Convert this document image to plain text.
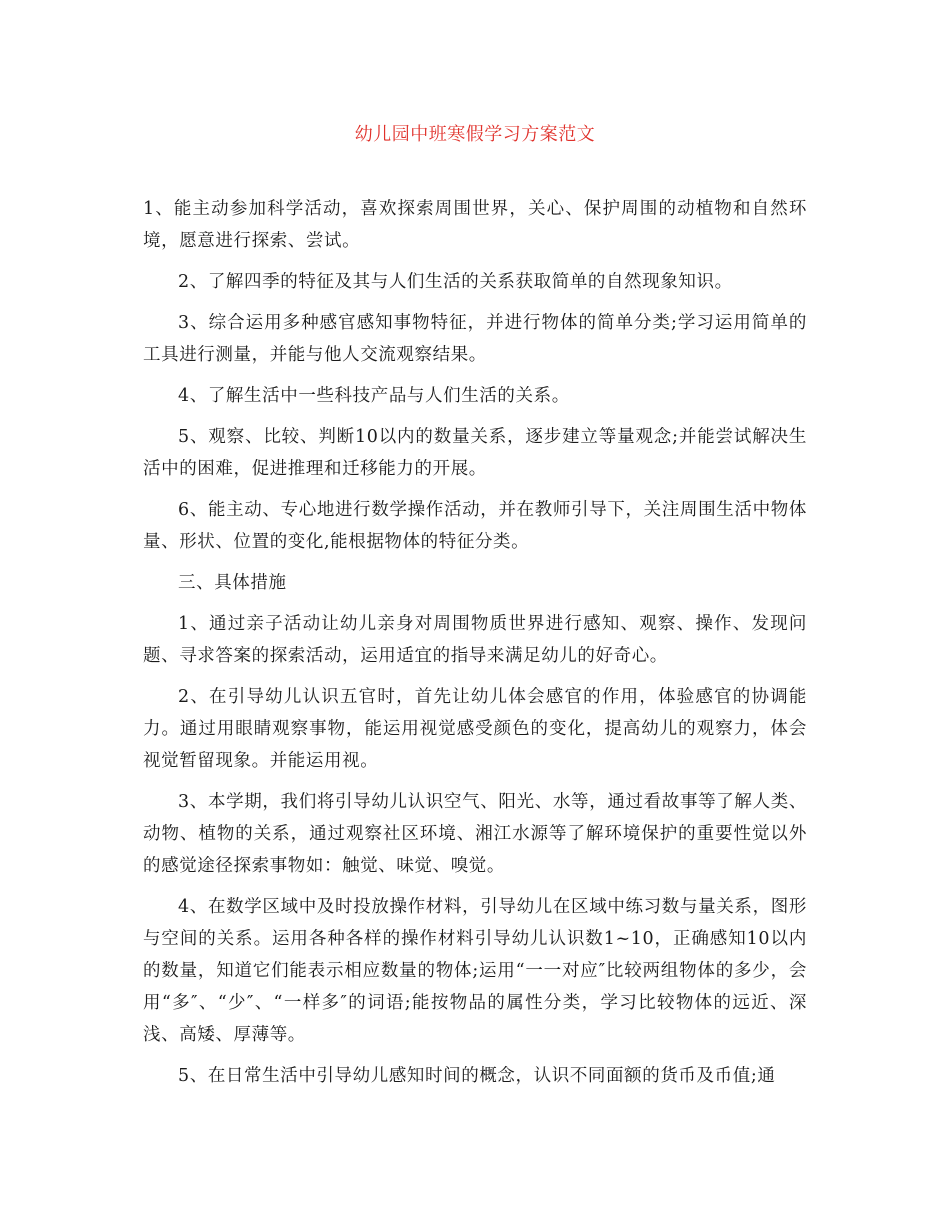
幼儿园中班寒假学习方案范文

1、能主动参加科学活动，喜欢探索周围世界，关心、保护周围的动植物和自然环境，愿意进行探索、尝试。

2、了解四季的特征及其与人们生活的关系获取简单的自然现象知识。

3、综合运用多种感官感知事物特征，并进行物体的简单分类;学习运用简单的工具进行测量，并能与他人交流观察结果。

4、了解生活中一些科技产品与人们生活的关系。

5、观察、比较、判断10以内的数量关系，逐步建立等量观念;并能尝试解决生活中的困难，促进推理和迁移能力的开展。

6、能主动、专心地进行数学操作活动，并在教师引导下，关注周围生活中物体量、形状、位置的变化,能根据物体的特征分类。

三、具体措施

1、通过亲子活动让幼儿亲身对周围物质世界进行感知、观察、操作、发现问题、寻求答案的探索活动，运用适宜的指导来满足幼儿的好奇心。

2、在引导幼儿认识五官时，首先让幼儿体会感官的作用，体验感官的协调能力。通过用眼睛观察事物，能运用视觉感受颜色的变化，提高幼儿的观察力，体会视觉暂留现象。并能运用视。

3、本学期，我们将引导幼儿认识空气、阳光、水等，通过看故事等了解人类、动物、植物的关系，通过观察社区环境、湘江水源等了解环境保护的重要性觉以外的感觉途径探索事物如：触觉、味觉、嗅觉。

4、在数学区域中及时投放操作材料，引导幼儿在区域中练习数与量关系，图形与空间的关系。运用各种各样的操作材料引导幼儿认识数1~10，正确感知10以内的数量，知道它们能表示相应数量的物体;运用“一一对应″比较两组物体的多少，会用“多″、“少″、“一样多″的词语;能按物品的属性分类，学习比较物体的远近、深浅、高矮、厚薄等。

5、在日常生活中引导幼儿感知时间的概念，认识不同面额的货币及币值;通
